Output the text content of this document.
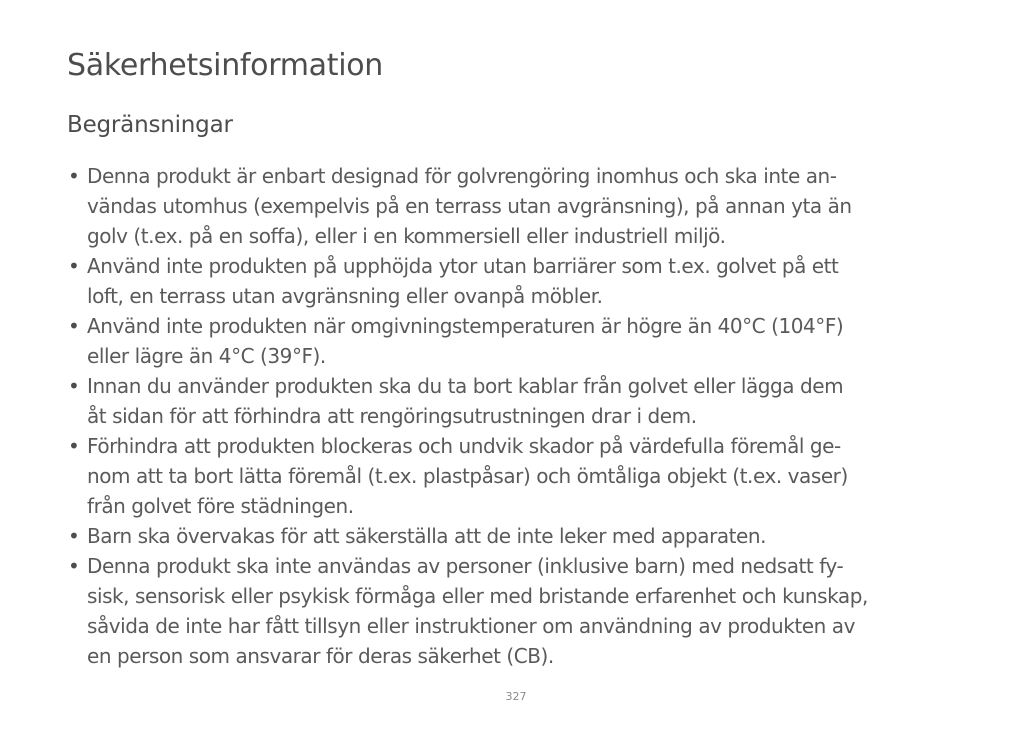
Säkerhetsinformation
Begränsningar
• Denna produkt är enbart designad för golvrengöring inomhus och ska inte an-
vändas utomhus (exempelvis på en terrass utan avgränsning), på annan yta än
golv (t.ex. på en soffa), eller i en kommersiell eller industriell miljö.
• Använd inte produkten på upphöjda ytor utan barriärer som t.ex. golvet på ett
loft, en terrass utan avgränsning eller ovanpå möbler.
• Använd inte produkten när omgivningstemperaturen är högre än 40°C (104°F)
eller lägre än 4°C (39°F).
• Innan du använder produkten ska du ta bort kablar från golvet eller lägga dem
åt sidan för att förhindra att rengöringsutrustningen drar i dem.
• Förhindra att produkten blockeras och undvik skador på värdefulla föremål ge-
nom att ta bort lätta föremål (t.ex. plastpåsar) och ömtåliga objekt (t.ex. vaser)
från golvet före städningen.
• Barn ska övervakas för att säkerställa att de inte leker med apparaten.
• Denna produkt ska inte användas av personer (inklusive barn) med nedsatt fy-
sisk, sensorisk eller psykisk förmåga eller med bristande erfarenhet och kunskap,
såvida de inte har fått tillsyn eller instruktioner om användning av produkten av
en person som ansvarar för deras säkerhet (CB).
327
